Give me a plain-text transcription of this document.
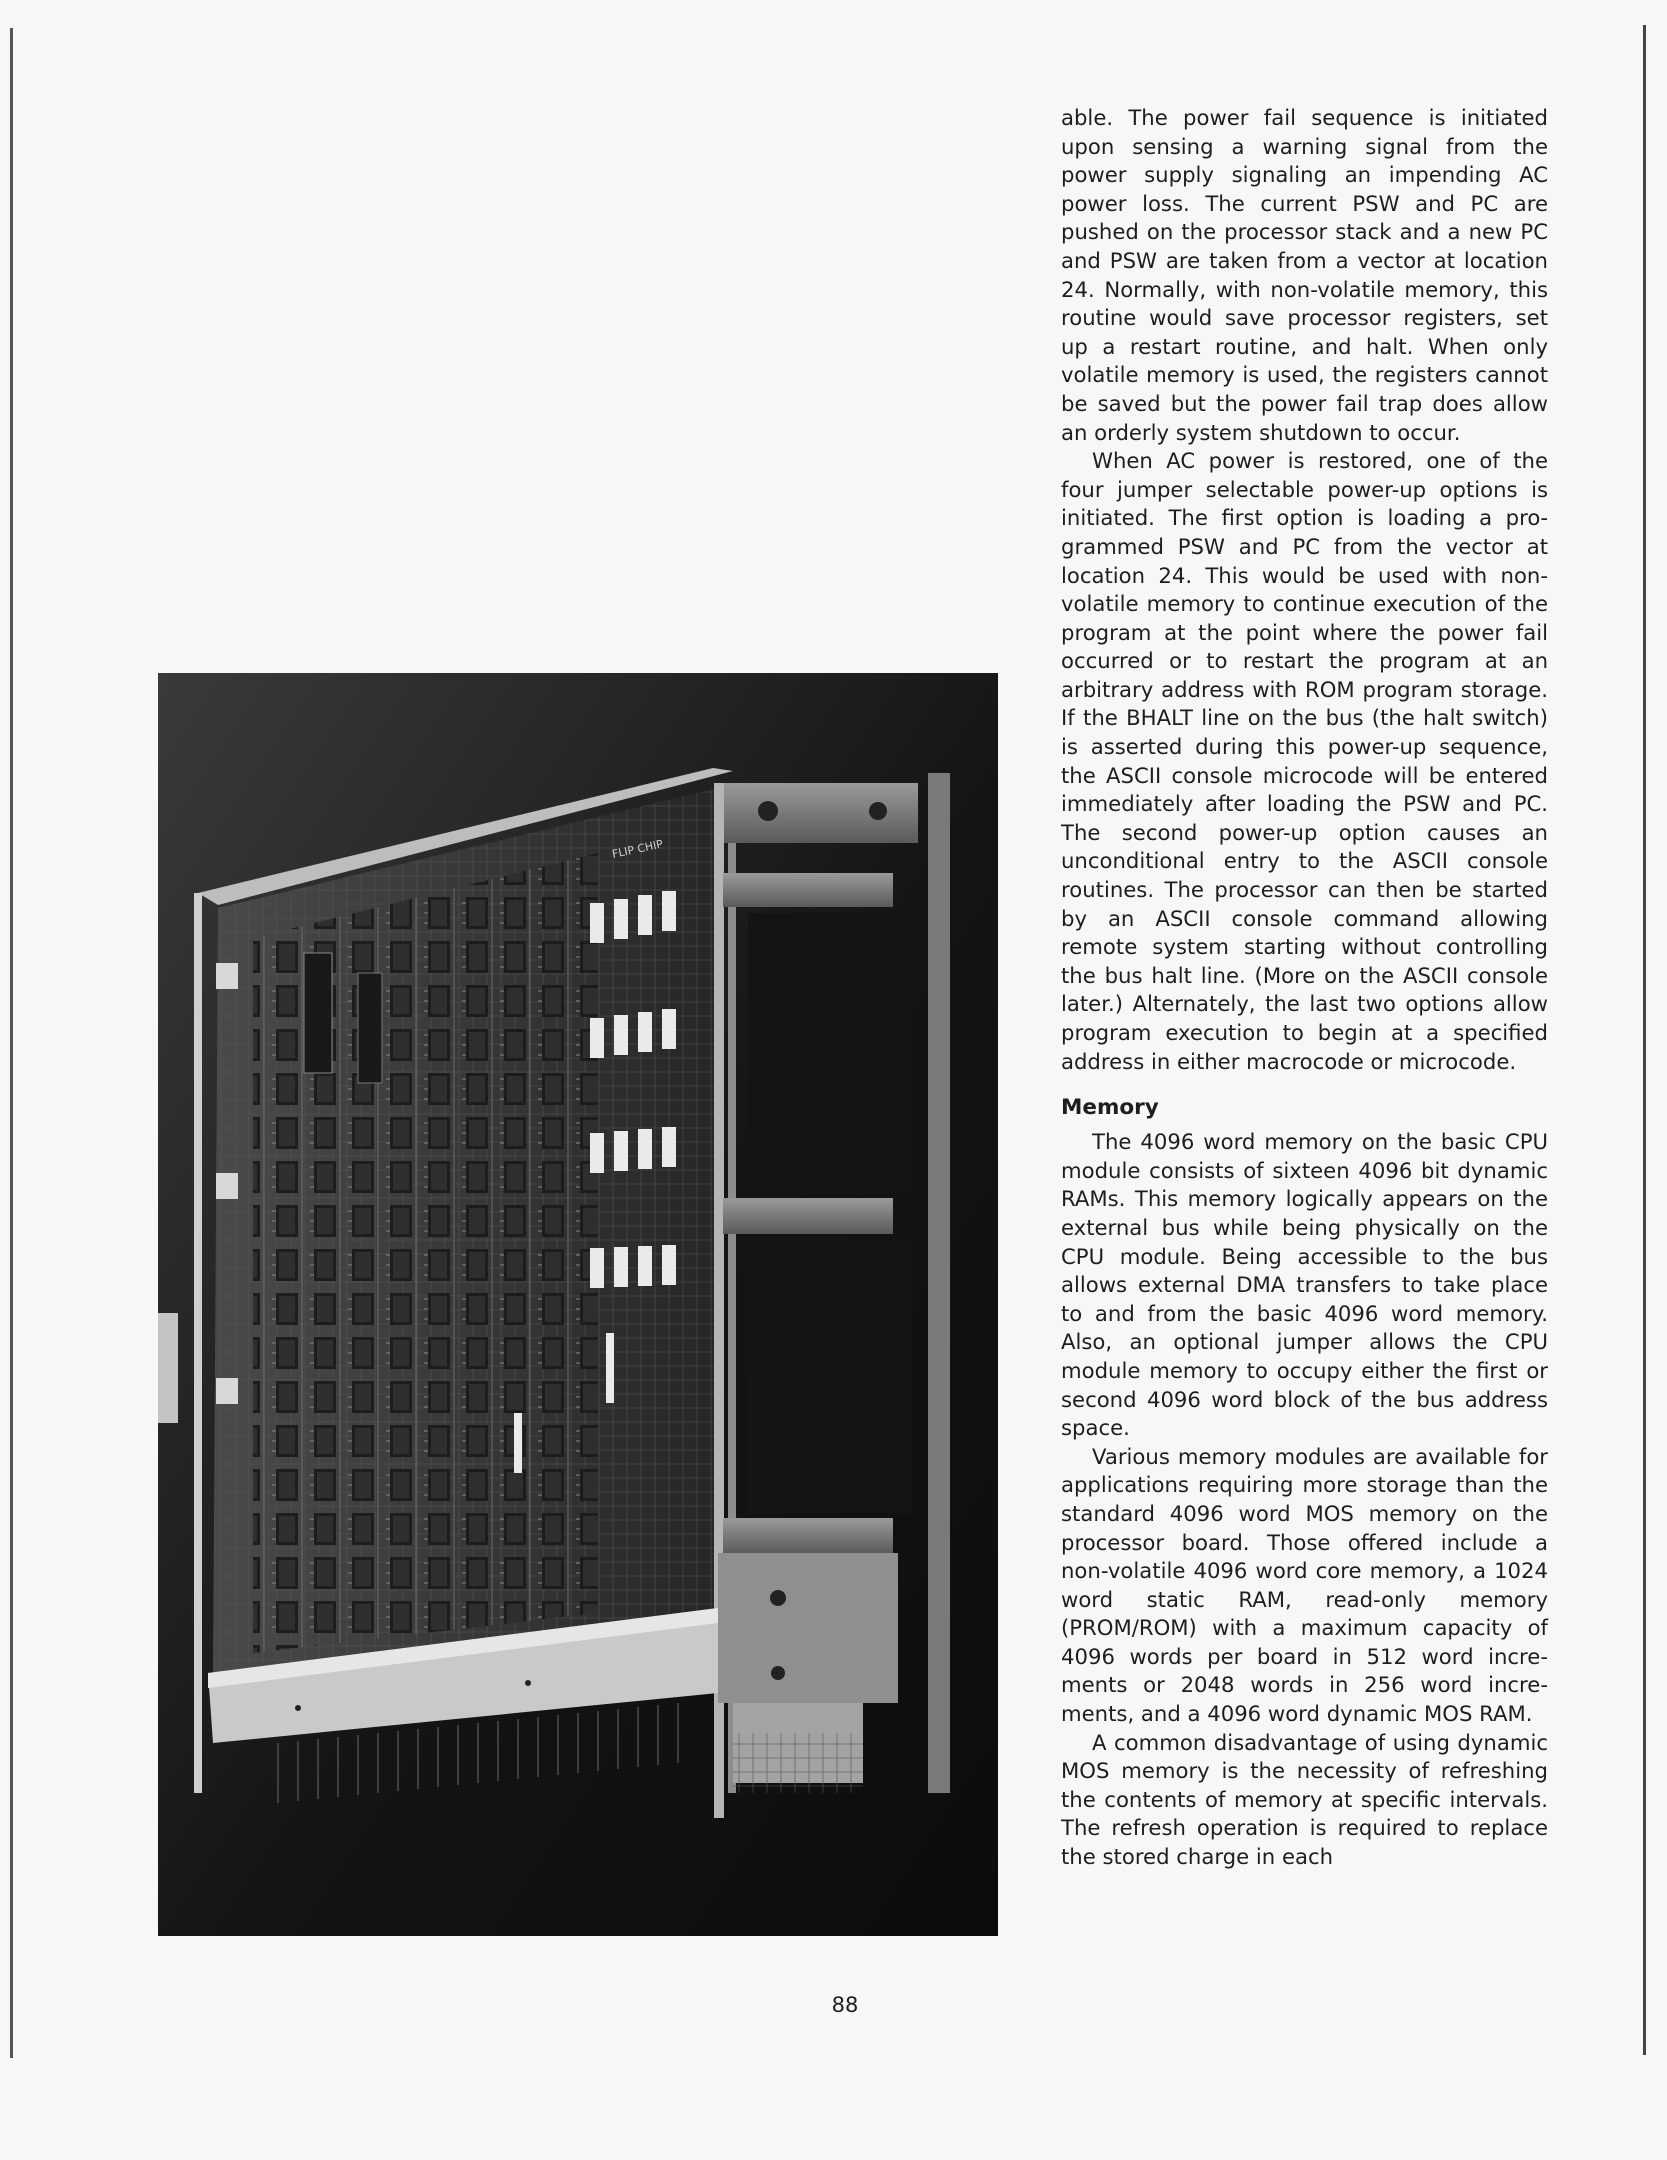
FLIP CHIP

able. The power fail sequence is initiated upon sensing a warning signal from the power supply signaling an impending AC power loss. The current PSW and PC are pushed on the processor stack and a new PC and PSW are taken from a vector at location 24. Normally, with non-volatile memory, this routine would save processor registers, set up a restart routine, and halt. When only volatile memory is used, the registers cannot be saved but the power fail trap does allow an orderly system shutdown to occur.

When AC power is restored, one of the four jumper selectable power-up options is initiated. The first option is loading a programmed PSW and PC from the vector at location 24. This would be used with nonvolatile memory to continue execution of the program at the point where the power fail occurred or to restart the program at an arbitrary address with ROM program storage. If the BHALT line on the bus (the halt switch) is asserted during this power-up sequence, the ASCII console microcode will be entered immediately after loading the PSW and PC. The second power-up option causes an unconditional entry to the ASCII console routines. The processor can then be started by an ASCII console command allowing remote system starting without controlling the bus halt line. (More on the ASCII console later.) Alternately, the last two options allow program execution to begin at a specified address in either macrocode or microcode.

Memory

The 4096 word memory on the basic CPU module consists of sixteen 4096 bit dynamic RAMs. This memory logically appears on the external bus while being physically on the CPU module. Being accessible to the bus allows external DMA transfers to take place to and from the basic 4096 word memory. Also, an optional jumper allows the CPU module memory to occupy either the first or second 4096 word block of the bus address space.

Various memory modules are available for applications requiring more storage than the standard 4096 word MOS memory on the processor board. Those offered include a non-volatile 4096 word core memory, a 1024 word static RAM, read-only memory (PROM/ROM) with a maximum capacity of 4096 words per board in 512 word increments or 2048 words in 256 word increments, and a 4096 word dynamic MOS RAM.

A common disadvantage of using dynamic MOS memory is the necessity of refreshing the contents of memory at specific intervals. The refresh operation is required to replace the stored charge in each

88
